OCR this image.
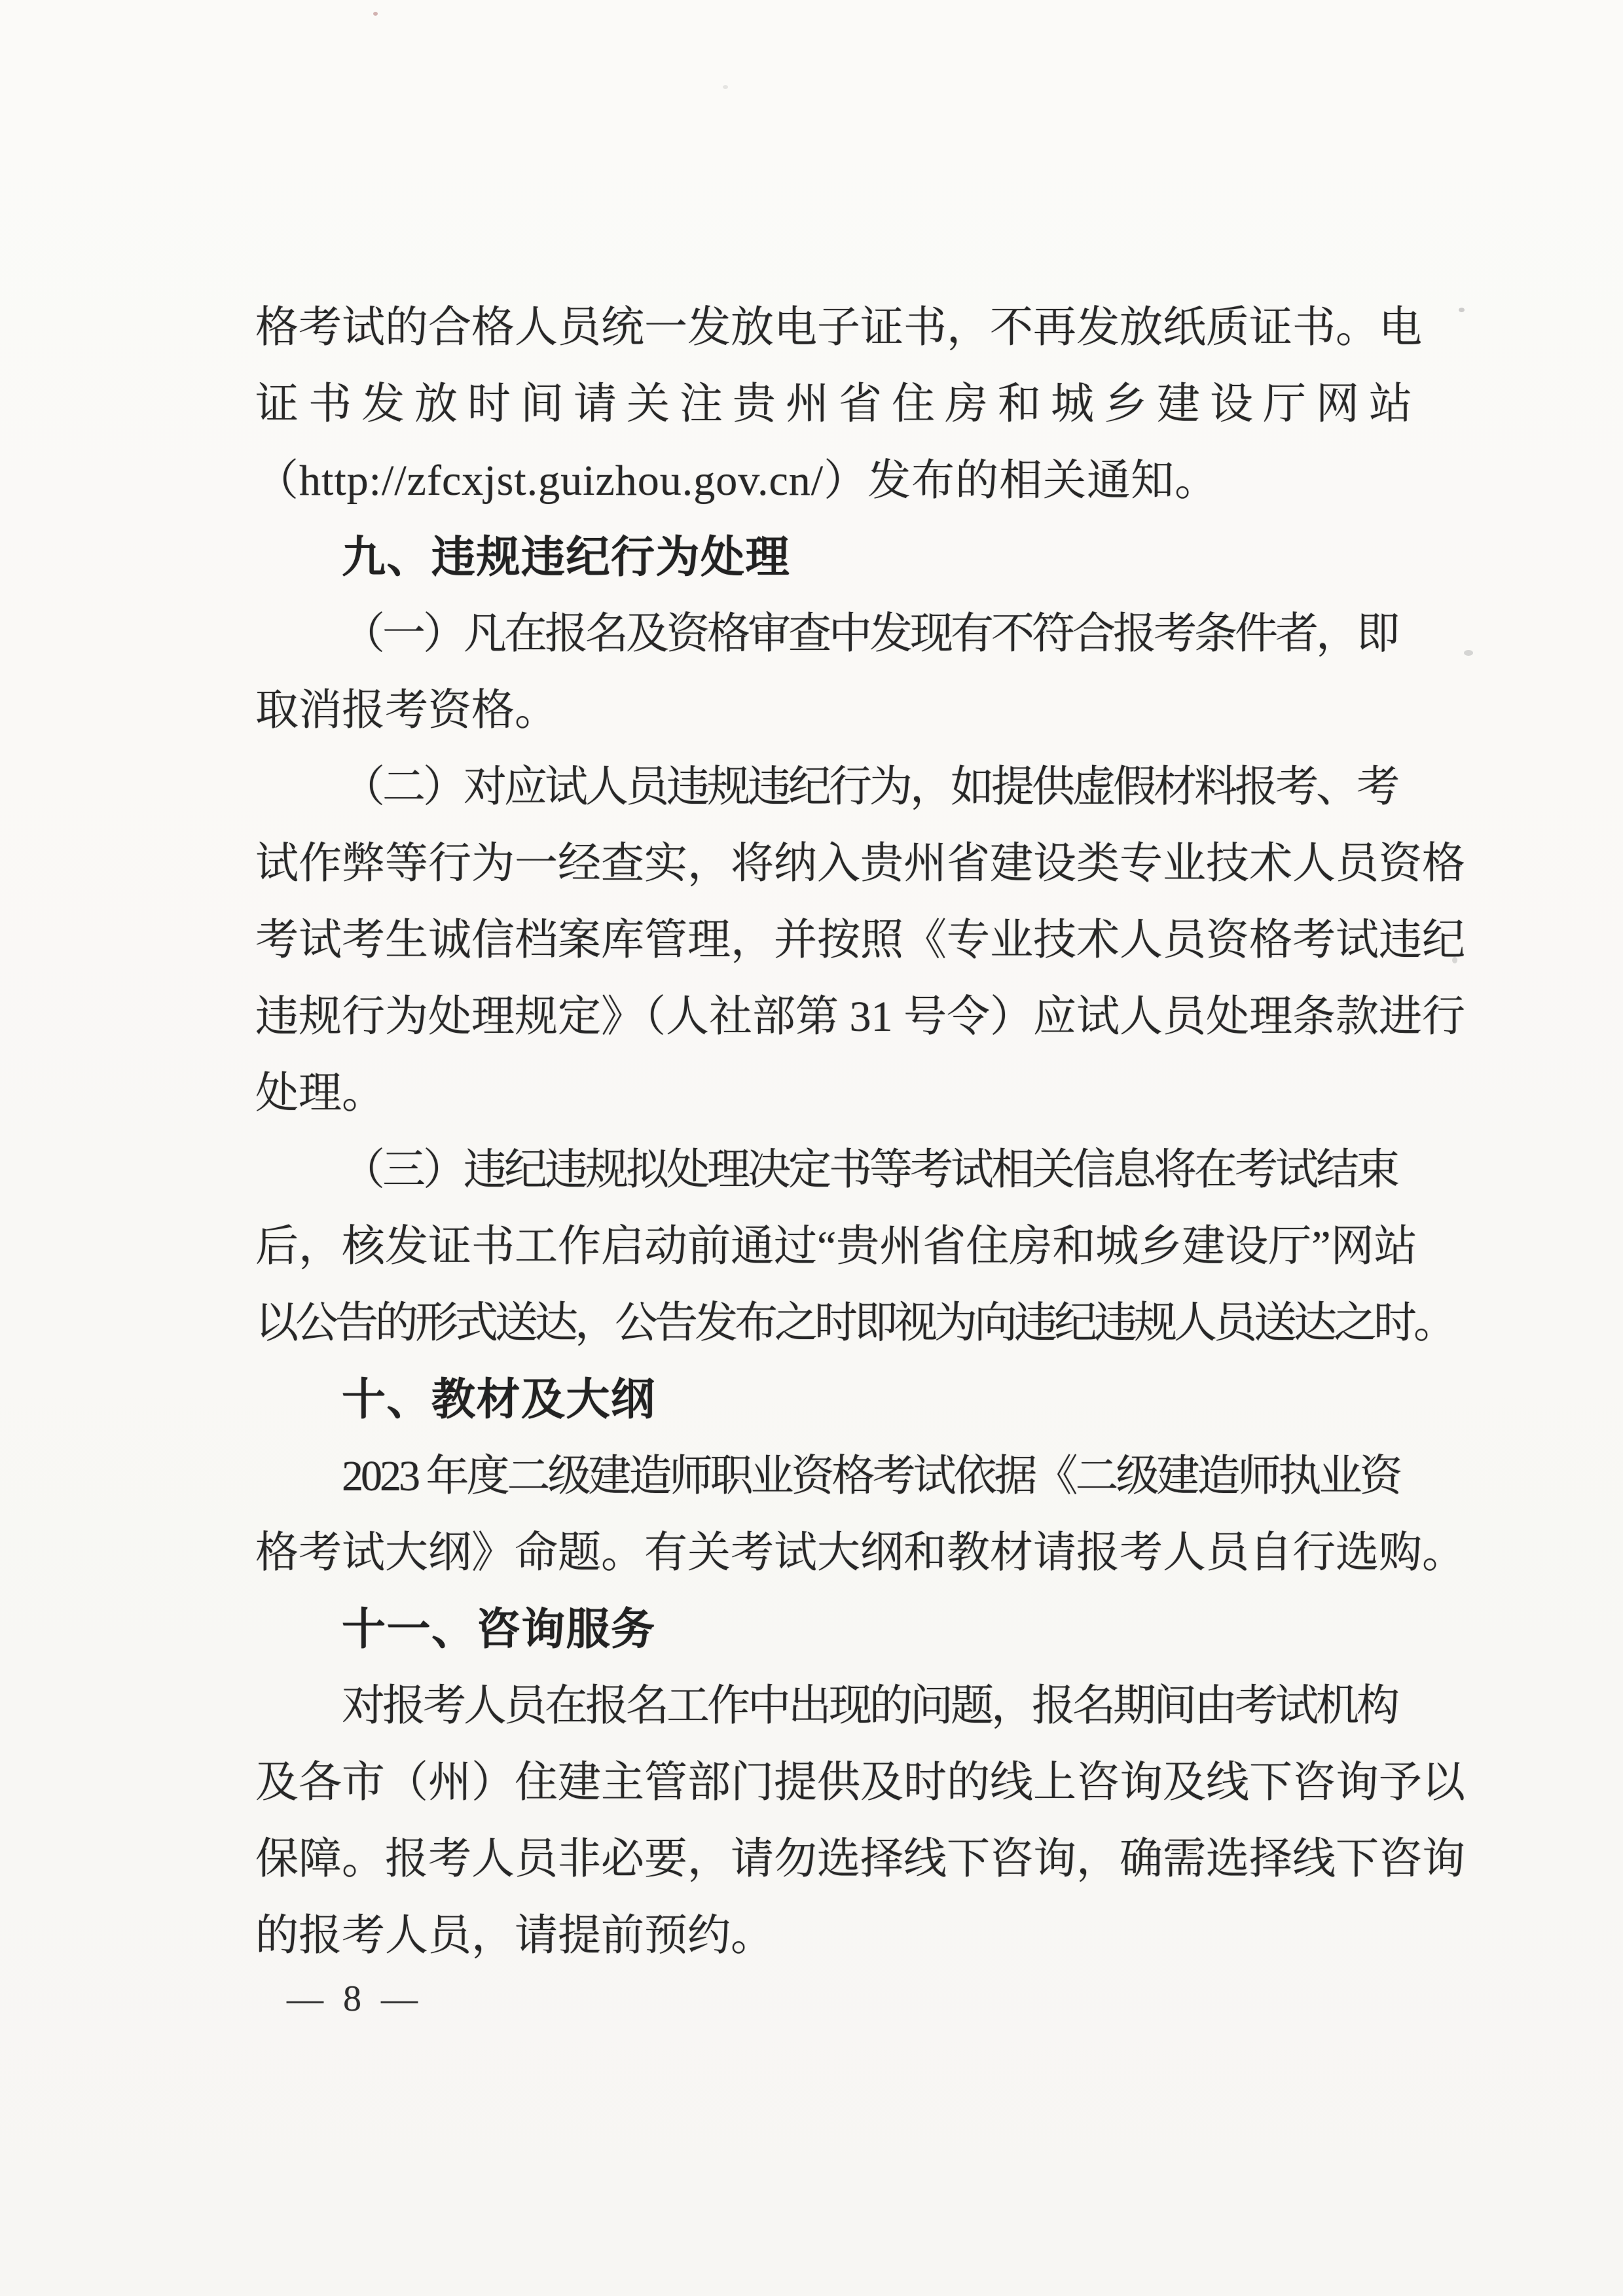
格考试的合格人员统一发放电子证书，不再发放纸质证书。电
证书发放时间请关注贵州省住房和城乡建设厅网站
（http://zfcxjst.guizhou.gov.cn/）发布的相关通知。
九、违规违纪行为处理
（一）凡在报名及资格审查中发现有不符合报考条件者，即
取消报考资格。
（二）对应试人员违规违纪行为，如提供虚假材料报考、考
试作弊等行为一经查实，将纳入贵州省建设类专业技术人员资格
考试考生诚信档案库管理，并按照《专业技术人员资格考试违纪
违规行为处理规定》（人社部第 31 号令）应试人员处理条款进行
处理。
（三）违纪违规拟处理决定书等考试相关信息将在考试结束
后，核发证书工作启动前通过“贵州省住房和城乡建设厅”网站
以公告的形式送达，公告发布之时即视为向违纪违规人员送达之时。
十、教材及大纲
2023 年度二级建造师职业资格考试依据《二级建造师执业资
格考试大纲》命题。有关考试大纲和教材请报考人员自行选购。
十一、咨询服务
对报考人员在报名工作中出现的问题，报名期间由考试机构
及各市（州）住建主管部门提供及时的线上咨询及线下咨询予以
保障。报考人员非必要，请勿选择线下咨询，确需选择线下咨询
的报考人员，请提前预约。
— 8 —
